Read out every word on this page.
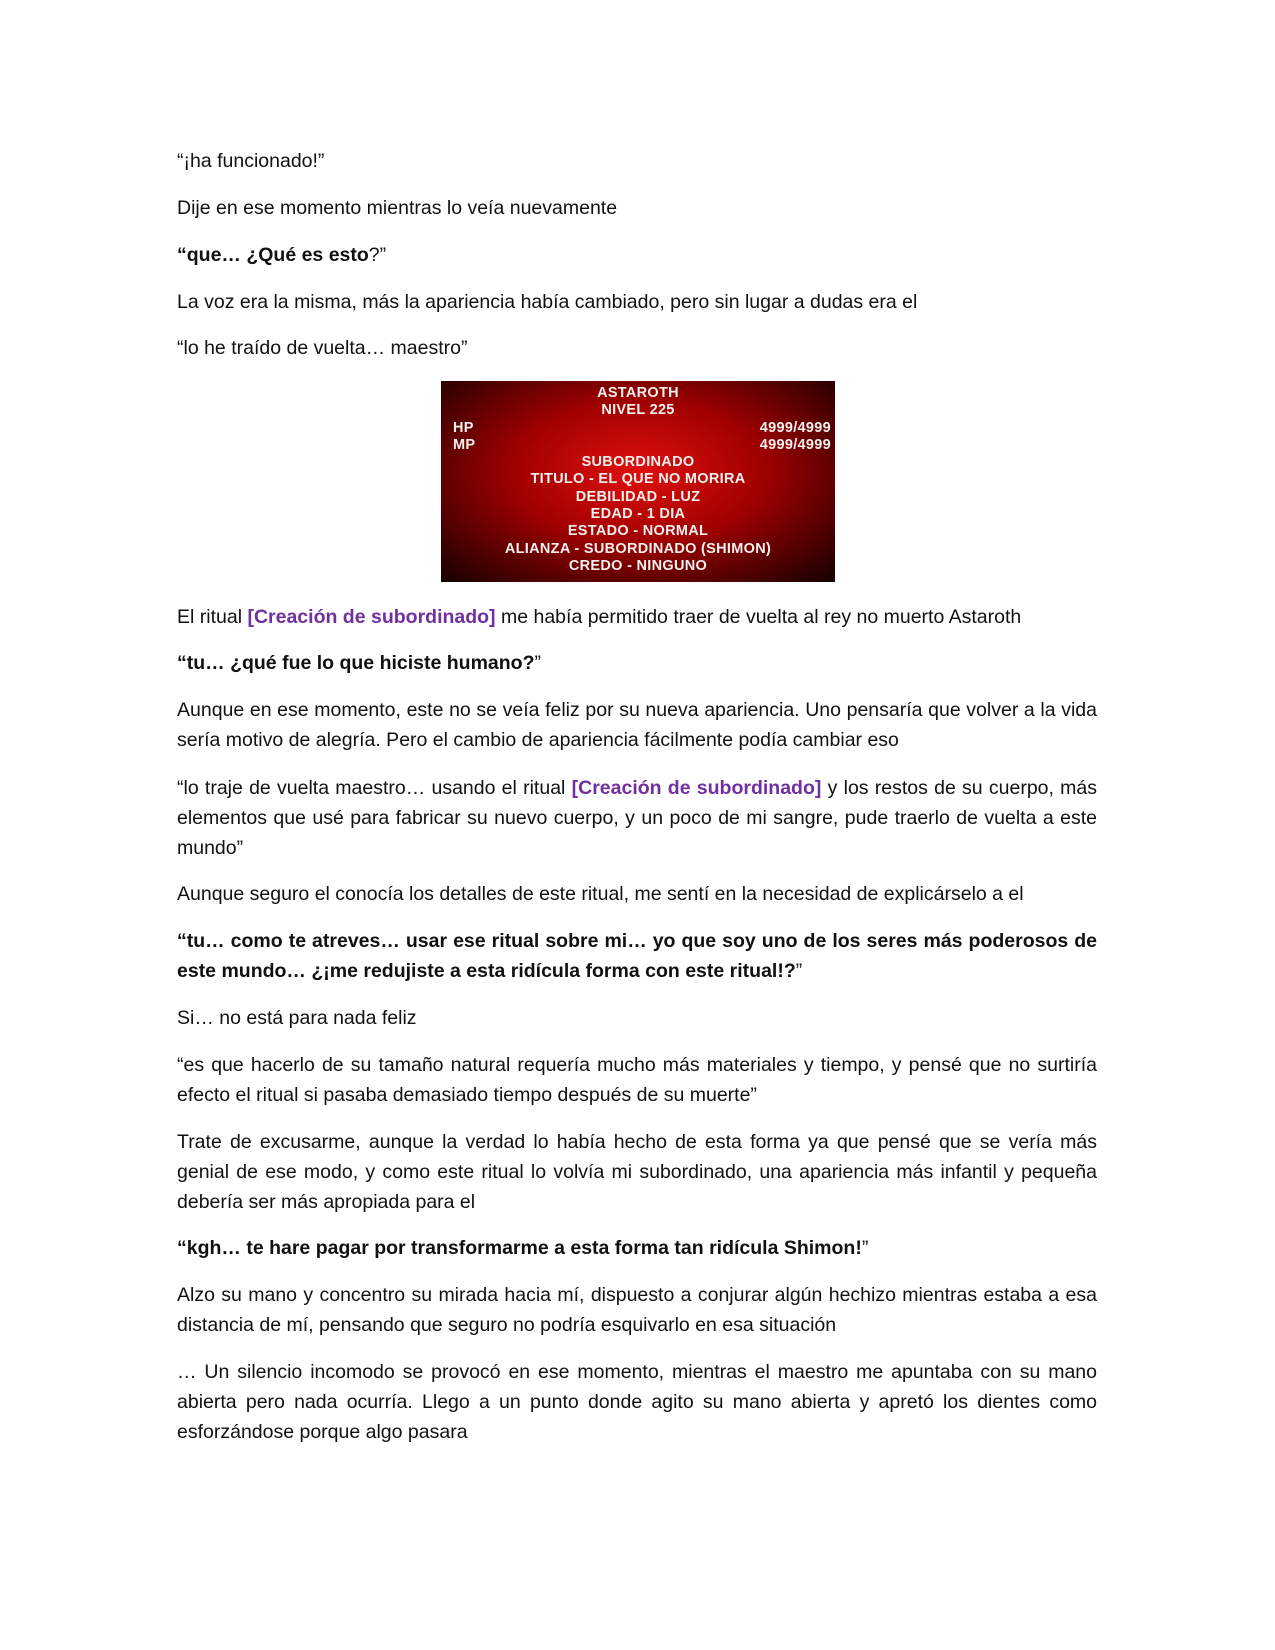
ASTAROTH
NIVEL 225
HP	4999/4999
MP	4999/4999
SUBORDINADO
TITULO - EL QUE NO MORIRA
DEBILIDAD - LUZ
EDAD - 1 DIA
ESTADO - NORMAL
ALIANZA - SUBORDINADO (SHIMON)
CREDO - NINGUNO

“¡ha funcionado!”

Dije en ese momento mientras lo veía nuevamente

“que… ¿Qué es esto?”

La voz era la misma, más la apariencia había cambiado, pero sin lugar a dudas era el

“lo he traído de vuelta… maestro”

El ritual [Creación de subordinado] me había permitido traer de vuelta al rey no muerto Astaroth

“tu… ¿qué fue lo que hiciste humano?”

Aunque en ese momento, este no se veía feliz por su nueva apariencia. Uno pensaría que volver a la vida sería motivo de alegría. Pero el cambio de apariencia fácilmente podía cambiar eso

“lo traje de vuelta maestro… usando el ritual [Creación de subordinado] y los restos de su cuerpo, más elementos que usé para fabricar su nuevo cuerpo, y un poco de mi sangre, pude traerlo de vuelta a este mundo”

Aunque seguro el conocía los detalles de este ritual, me sentí en la necesidad de explicárselo a el

“tu… como te atreves… usar ese ritual sobre mi… yo que soy uno de los seres más poderosos de este mundo… ¿¡me redujiste a esta ridícula forma con este ritual!?”

Si… no está para nada feliz

“es que hacerlo de su tamaño natural requería mucho más materiales y tiempo, y pensé que no surtiría efecto el ritual si pasaba demasiado tiempo después de su muerte”

Trate de excusarme, aunque la verdad lo había hecho de esta forma ya que pensé que se vería más genial de ese modo, y como este ritual lo volvía mi subordinado, una apariencia más infantil y pequeña debería ser más apropiada para el

“kgh… te hare pagar por transformarme a esta forma tan ridícula Shimon!”

Alzo su mano y concentro su mirada hacia mí, dispuesto a conjurar algún hechizo mientras estaba a esa distancia de mí, pensando que seguro no podría esquivarlo en esa situación

… Un silencio incomodo se provocó en ese momento, mientras el maestro me apuntaba con su mano abierta pero nada ocurría. Llego a un punto donde agito su mano abierta y apretó los dientes como esforzándose porque algo pasara
